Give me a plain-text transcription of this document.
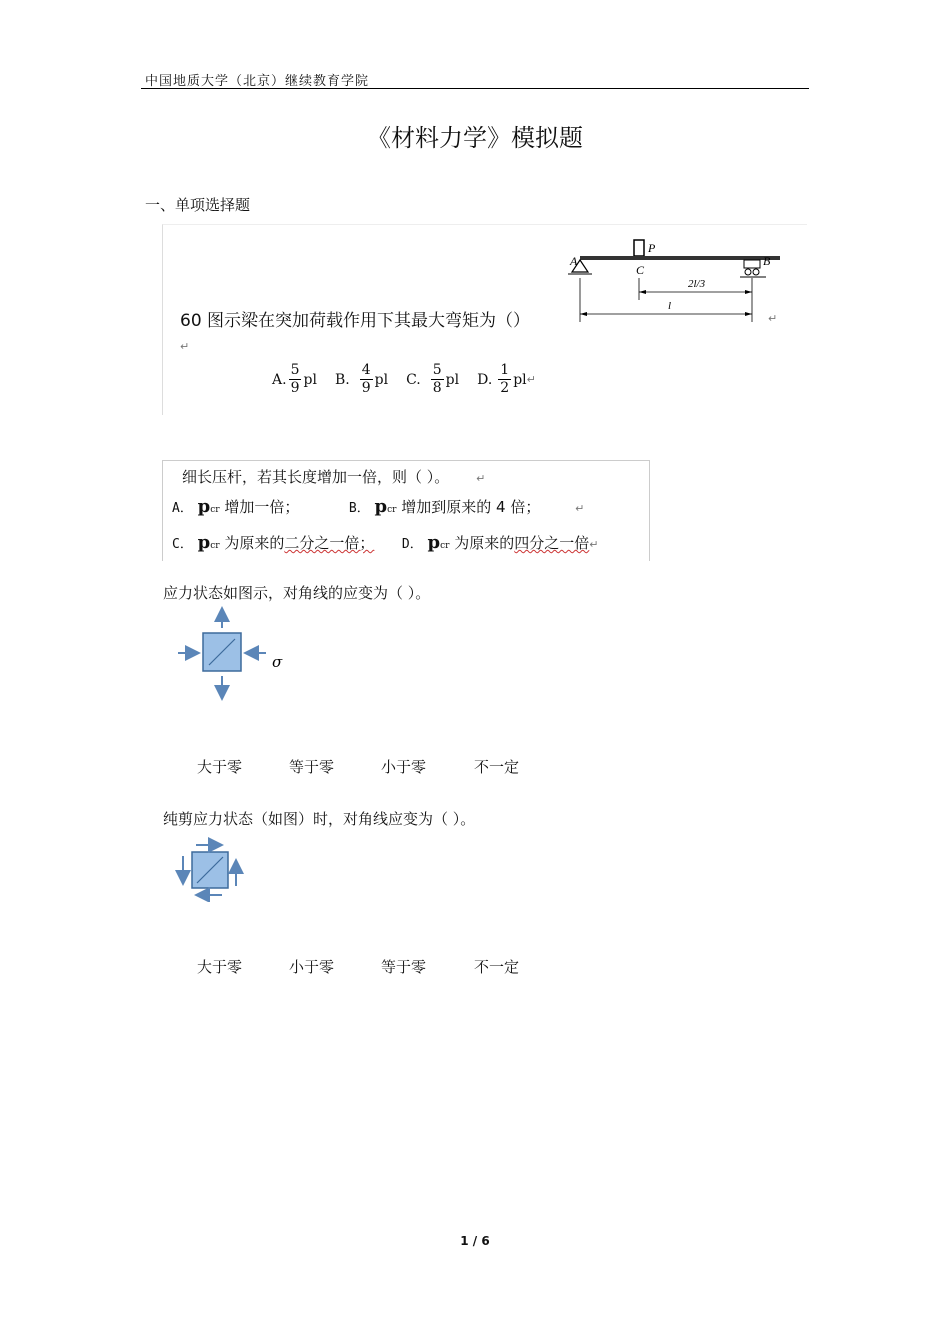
中国地质大学（北京）继续教育学院
《材料力学》模拟题
一、单项选择题
P
A	B
C
2l/3
l
60 图示梁在突加荷载作用下其最大弯矩为（）	↵
↵
A. $\frac{5}{9}$ pl B. $\frac{4}{9}$ pl C. $\frac{5}{8}$ pl D. $\frac{1}{2}$ pl ↵
细长压杆，若其长度增加一倍，则（ ）。 ↵
A． pcr 增加一倍；	B． pcr 增加到原来的 4 倍；	↵
C． pcr 为原来的二分之一倍； D． pcr 为原来的四分之一倍↵
应力状态如图示，对角线的应变为（ ）。
σ
大于零	等于零	小于零	不一定
纯剪应力状态（如图）时，对角线应变为（ ）。
大于零	小于零	等于零	不一定
1 / 6
